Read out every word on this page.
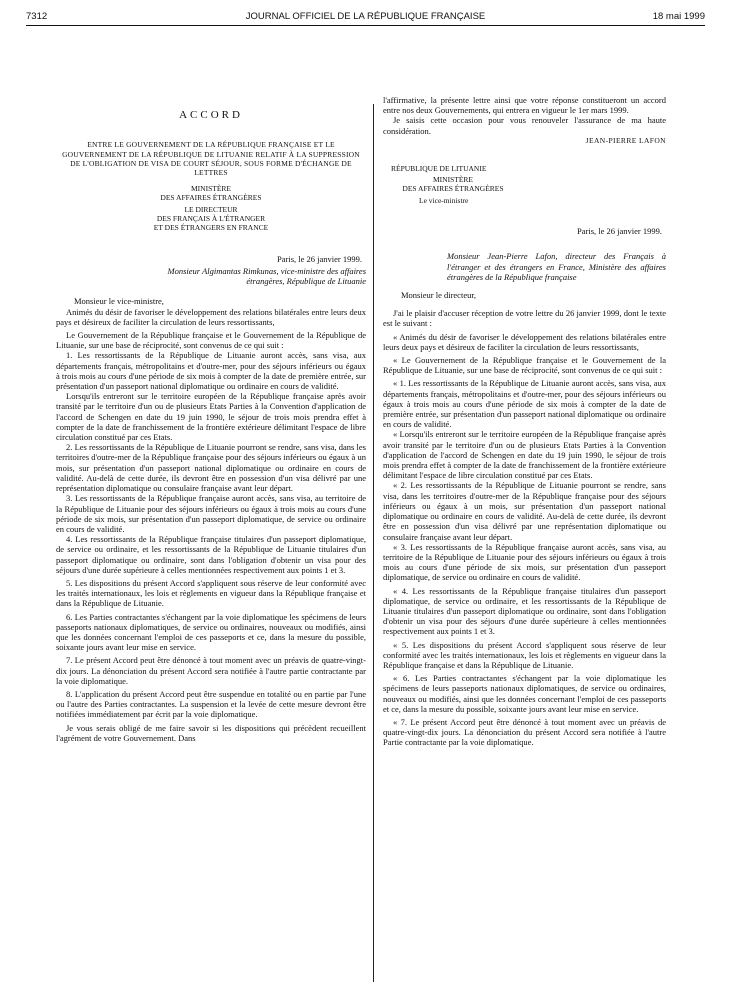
7312	JOURNAL OFFICIEL DE LA RÉPUBLIQUE FRANÇAISE	18 mai 1999
ACCORD
ENTRE LE GOUVERNEMENT DE LA RÉPUBLIQUE FRANÇAISE ET LE GOUVERNEMENT DE LA RÉPUBLIQUE DE LITUANIE RELATIF À LA SUPPRESSION DE L'OBLIGATION DE VISA DE COURT SÉJOUR, SOUS FORME D'ÉCHANGE DE LETTRES
MINISTÈRE
DES AFFAIRES ÉTRANGÈRES
LE DIRECTEUR
DES FRANÇAIS À L'ÉTRANGER
ET DES ÉTRANGERS EN FRANCE
Paris, le 26 janvier 1999.
Monsieur Algimantas Rimkunas, vice-ministre des affaires étrangères, République de Lituanie

Monsieur le vice-ministre,

Animés du désir de favoriser le développement des relations bilatérales entre leurs deux pays et désireux de faciliter la circulation de leurs ressortissants,

Le Gouvernement de la République française et le Gouvernement de la République de Lituanie, sur une base de réciprocité, sont convenus de ce qui suit :

1. Les ressortissants de la République de Lituanie auront accès, sans visa, aux départements français, métropolitains et d'outre-mer, pour des séjours inférieurs ou égaux à trois mois au cours d'une période de six mois à compter de la date de première entrée, sur présentation d'un passeport national diplomatique ou ordinaire en cours de validité.

Lorsqu'ils entreront sur le territoire européen de la République française après avoir transité par le territoire d'un ou de plusieurs Etats Parties à la Convention d'application de l'accord de Schengen en date du 19 juin 1990, le séjour de trois mois prendra effet à compter de la date de franchissement de la frontière extérieure délimitant l'espace de libre circulation constitué par ces Etats.

2. Les ressortissants de la République de Lituanie pourront se rendre, sans visa, dans les territoires d'outre-mer de la République française pour des séjours inférieurs ou égaux à un mois, sur présentation d'un passeport national diplomatique ou ordinaire en cours de validité. Au-delà de cette durée, ils devront être en possession d'un visa délivré par une représentation diplomatique ou consulaire française avant leur départ.

3. Les ressortissants de la République française auront accès, sans visa, au territoire de la République de Lituanie pour des séjours inférieurs ou égaux à trois mois au cours d'une période de six mois, sur présentation d'un passeport diplomatique, de service ou ordinaire en cours de validité.

4. Les ressortissants de la République française titulaires d'un passeport diplomatique, de service ou ordinaire, et les ressortissants de la République de Lituanie titulaires d'un passeport diplomatique ou ordinaire, sont dans l'obligation d'obtenir un visa pour des séjours d'une durée supérieure à celles mentionnées respectivement aux points 1 et 3.

5. Les dispositions du présent Accord s'appliquent sous réserve de leur conformité avec les traités internationaux, les lois et règlements en vigueur dans la République française et dans la République de Lituanie.

6. Les Parties contractantes s'échangent par la voie diplomatique les spécimens de leurs passeports nationaux diplomatiques, de service ou ordinaires, nouveaux ou modifiés, ainsi que les données concernant l'emploi de ces passeports et ce, dans la mesure du possible, soixante jours avant leur mise en service.

7. Le présent Accord peut être dénoncé à tout moment avec un préavis de quatre-vingt-dix jours. La dénonciation du présent Accord sera notifiée à l'autre partie contractante par la voie diplomatique.

8. L'application du présent Accord peut être suspendue en totalité ou en partie par l'une ou l'autre des Parties contractantes. La suspension et la levée de cette mesure devront être notifiées immédiatement par écrit par la voie diplomatique.

Je vous serais obligé de me faire savoir si les dispositions qui précèdent recueillent l'agrément de votre Gouvernement. Dans

l'affirmative, la présente lettre ainsi que votre réponse constitueront un accord entre nos deux Gouvernements, qui entrera en vigueur le 1er mars 1999.

Je saisis cette occasion pour vous renouveler l'assurance de ma haute considération.

JEAN-PIERRE LAFON
RÉPUBLIQUE DE LITUANIE
MINISTÈRE
DES AFFAIRES ÉTRANGÈRES
Le vice-ministre
Paris, le 26 janvier 1999.
Monsieur Jean-Pierre Lafon, directeur des Français à l'étranger et des étrangers en France, Ministère des affaires étrangères de la République française

Monsieur le directeur,

J'ai le plaisir d'accuser réception de votre lettre du 26 janvier 1999, dont le texte est le suivant :

« Animés du désir de favoriser le développement des relations bilatérales entre leurs deux pays et désireux de faciliter la circulation de leurs ressortissants,

« Le Gouvernement de la République française et le Gouvernement de la République de Lituanie, sur une base de réciprocité, sont convenus de ce qui suit :

« 1. Les ressortissants de la République de Lituanie auront accès, sans visa, aux départements français, métropolitains et d'outre-mer, pour des séjours inférieurs ou égaux à trois mois au cours d'une période de six mois à compter de la date de première entrée, sur présentation d'un passeport national diplomatique ou ordinaire en cours de validité.

« Lorsqu'ils entreront sur le territoire européen de la République française après avoir transité par le territoire d'un ou de plusieurs Etats Parties à la Convention d'application de l'accord de Schengen en date du 19 juin 1990, le séjour de trois mois prendra effet à compter de la date de franchissement de la frontière extérieure délimitant l'espace de libre circulation constitué par ces Etats.

« 2. Les ressortissants de la République de Lituanie pourront se rendre, sans visa, dans les territoires d'outre-mer de la République française pour des séjours inférieurs ou égaux à un mois, sur présentation d'un passeport national diplomatique ou ordinaire en cours de validité. Au-delà de cette durée, ils devront être en possession d'un visa délivré par une représentation diplomatique ou consulaire française avant leur départ.

« 3. Les ressortissants de la République française auront accès, sans visa, au territoire de la République de Lituanie pour des séjours inférieurs ou égaux à trois mois au cours d'une période de six mois, sur présentation d'un passeport diplomatique, de service ou ordinaire en cours de validité.

« 4. Les ressortissants de la République française titulaires d'un passeport diplomatique, de service ou ordinaire, et les ressortissants de la République de Lituanie titulaires d'un passeport diplomatique ou ordinaire, sont dans l'obligation d'obtenir un visa pour des séjours d'une durée supérieure à celles mentionnées respectivement aux points 1 et 3.

« 5. Les dispositions du présent Accord s'appliquent sous réserve de leur conformité avec les traités internationaux, les lois et règlements en vigueur dans la République française et dans la République de Lituanie.

« 6. Les Parties contractantes s'échangent par la voie diplomatique les spécimens de leurs passeports nationaux diplomatiques, de service ou ordinaires, nouveaux ou modifiés, ainsi que les données concernant l'emploi de ces passeports et ce, dans la mesure du possible, soixante jours avant leur mise en service.

« 7. Le présent Accord peut être dénoncé à tout moment avec un préavis de quatre-vingt-dix jours. La dénonciation du présent Accord sera notifiée à l'autre Partie contractante par la voie diplomatique.
